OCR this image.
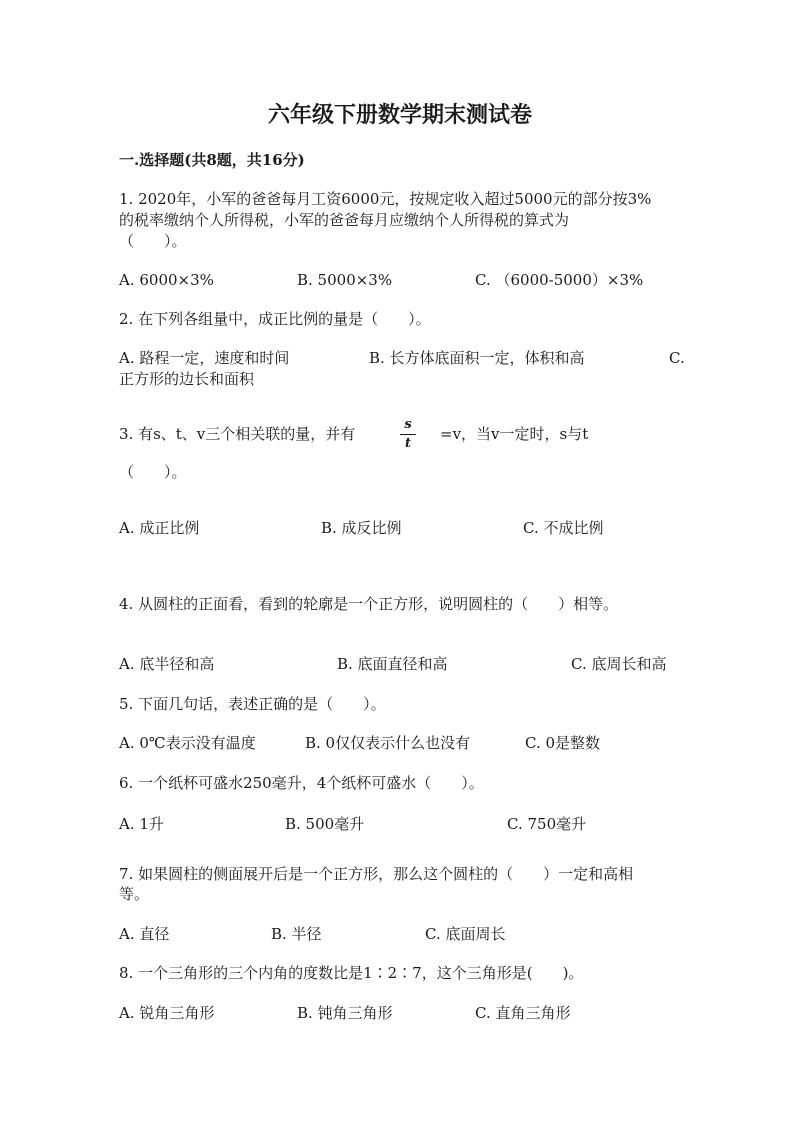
六年级下册数学期末测试卷
一.选择题(共8题，共16分)
1. 2020年，小军的爸爸每月工资6000元，按规定收入超过5000元的部分按3%
的税率缴纳个人所得税，小军的爸爸每月应缴纳个人所得税的算式为
（　　）。
A. 6000×3%	B. 5000×3%	C. （6000-5000）×3%
2. 在下列各组量中，成正比例的量是（　　）。
A. 路程一定，速度和时间	B. 长方体底面积一定，体积和高	C.
正方形的边长和面积
3. 有s、t、v三个相关联的量，并有
s
t
=v，当v一定时，s与t
（　　）。
A. 成正比例	B. 成反比例	C. 不成比例
4. 从圆柱的正面看，看到的轮廓是一个正方形，说明圆柱的（　　）相等。
A. 底半径和高	B. 底面直径和高	C. 底周长和高
5. 下面几句话，表述正确的是（　　）。
A. 0℃表示没有温度	B. 0仅仅表示什么也没有	C. 0是整数
6. 一个纸杯可盛水250毫升，4个纸杯可盛水（　　）。
A. 1升	B. 500毫升	C. 750毫升
7. 如果圆柱的侧面展开后是一个正方形，那么这个圆柱的（　　）一定和高相
等。
A. 直径	B. 半径	C. 底面周长
8. 一个三角形的三个内角的度数比是1∶2∶7，这个三角形是(　　)。
A. 锐角三角形	B. 钝角三角形	C. 直角三角形
